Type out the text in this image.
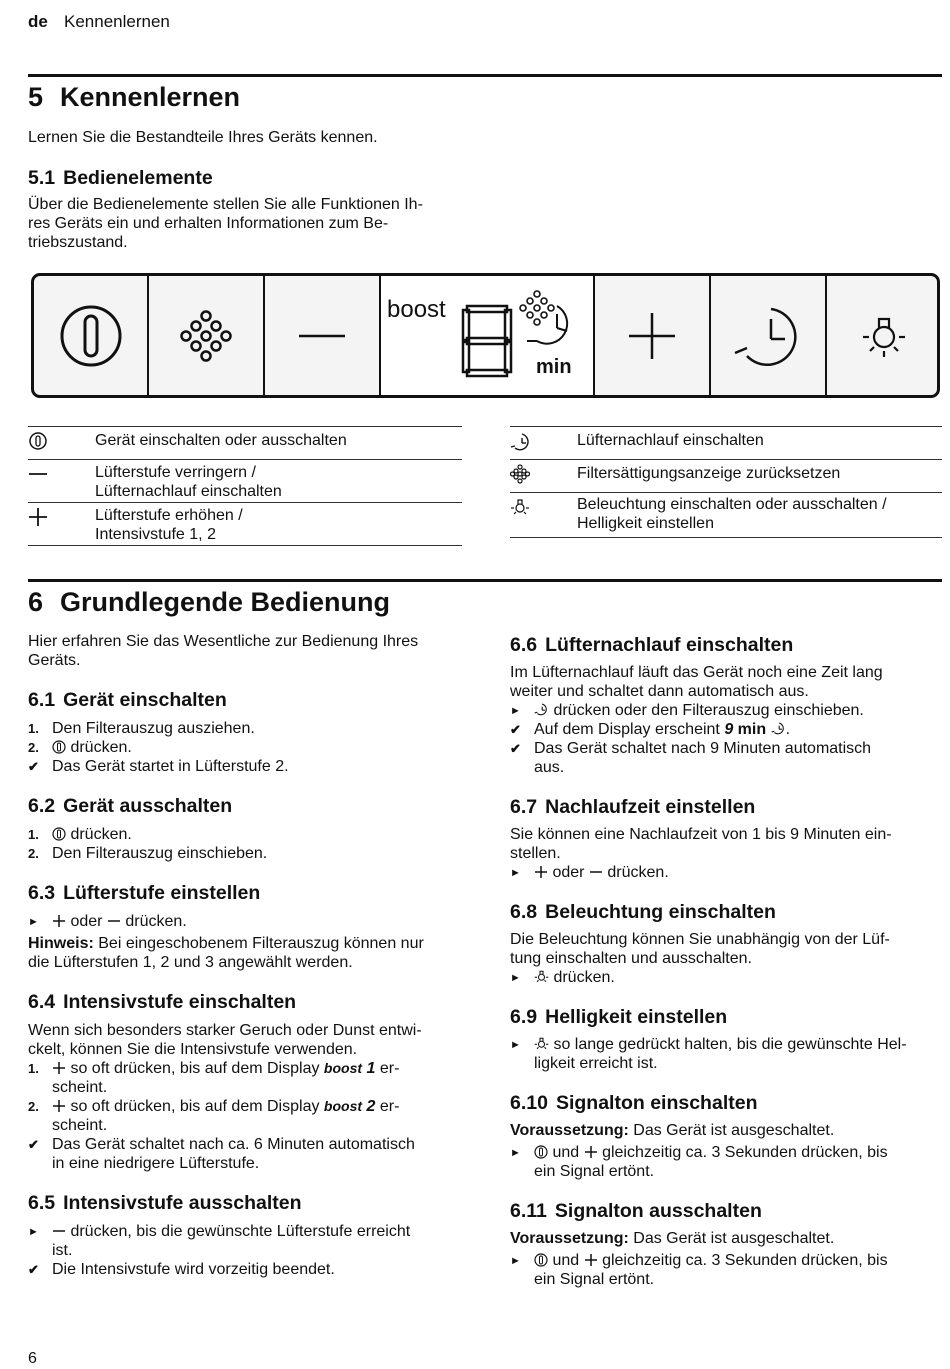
de Kennenlernen
5 Kennenlernen
Lernen Sie die Bestandteile Ihres Geräts kennen.
5.1 Bedienelemente
Über die Bedienelemente stellen Sie alle Funktionen Ih-
res Geräts ein und erhalten Informationen zum Be-
triebszustand.
boost
min
Gerät einschalten oder ausschalten
Lüfterstufe verringern /
Lüfternachlauf einschalten
Lüfterstufe erhöhen /
Intensivstufe 1, 2
Lüfternachlauf einschalten
Filtersättigungsanzeige zurücksetzen
Beleuchtung einschalten oder ausschalten /
Helligkeit einstellen
6 Grundlegende Bedienung
Hier erfahren Sie das Wesentliche zur Bedienung Ihres
Geräts.
6.1 Gerät einschalten
1. Den Filterauszug ausziehen.
2. drücken.
✔ Das Gerät startet in Lüfterstufe 2.
6.2 Gerät ausschalten
1. drücken.
2. Den Filterauszug einschieben.
6.3 Lüfterstufe einstellen
► oder drücken.
Hinweis: Bei eingeschobenem Filterauszug können nur
die Lüfterstufen 1, 2 und 3 angewählt werden.
6.4 Intensivstufe einschalten
Wenn sich besonders starker Geruch oder Dunst entwi-
ckelt, können Sie die Intensivstufe verwenden.
1. so oft drücken, bis auf dem Display boost 1 er-
scheint.
2. so oft drücken, bis auf dem Display boost 2 er-
scheint.
✔ Das Gerät schaltet nach ca. 6 Minuten automatisch
in eine niedrigere Lüfterstufe.
6.5 Intensivstufe ausschalten
► drücken, bis die gewünschte Lüfterstufe erreicht
ist.
✔ Die Intensivstufe wird vorzeitig beendet.
6.6 Lüfternachlauf einschalten
Im Lüfternachlauf läuft das Gerät noch eine Zeit lang
weiter und schaltet dann automatisch aus.
► drücken oder den Filterauszug einschieben.
✔ Auf dem Display erscheint 9 min .
✔ Das Gerät schaltet nach 9 Minuten automatisch
aus.
6.7 Nachlaufzeit einstellen
Sie können eine Nachlaufzeit von 1 bis 9 Minuten ein-
stellen.
► oder drücken.
6.8 Beleuchtung einschalten
Die Beleuchtung können Sie unabhängig von der Lüf-
tung einschalten und ausschalten.
► drücken.
6.9 Helligkeit einstellen
► so lange gedrückt halten, bis die gewünschte Hel-
ligkeit erreicht ist.
6.10 Signalton einschalten
Voraussetzung: Das Gerät ist ausgeschaltet.
► und gleichzeitig ca. 3 Sekunden drücken, bis
ein Signal ertönt.
6.11 Signalton ausschalten
Voraussetzung: Das Gerät ist ausgeschaltet.
► und gleichzeitig ca. 3 Sekunden drücken, bis
ein Signal ertönt.
6
